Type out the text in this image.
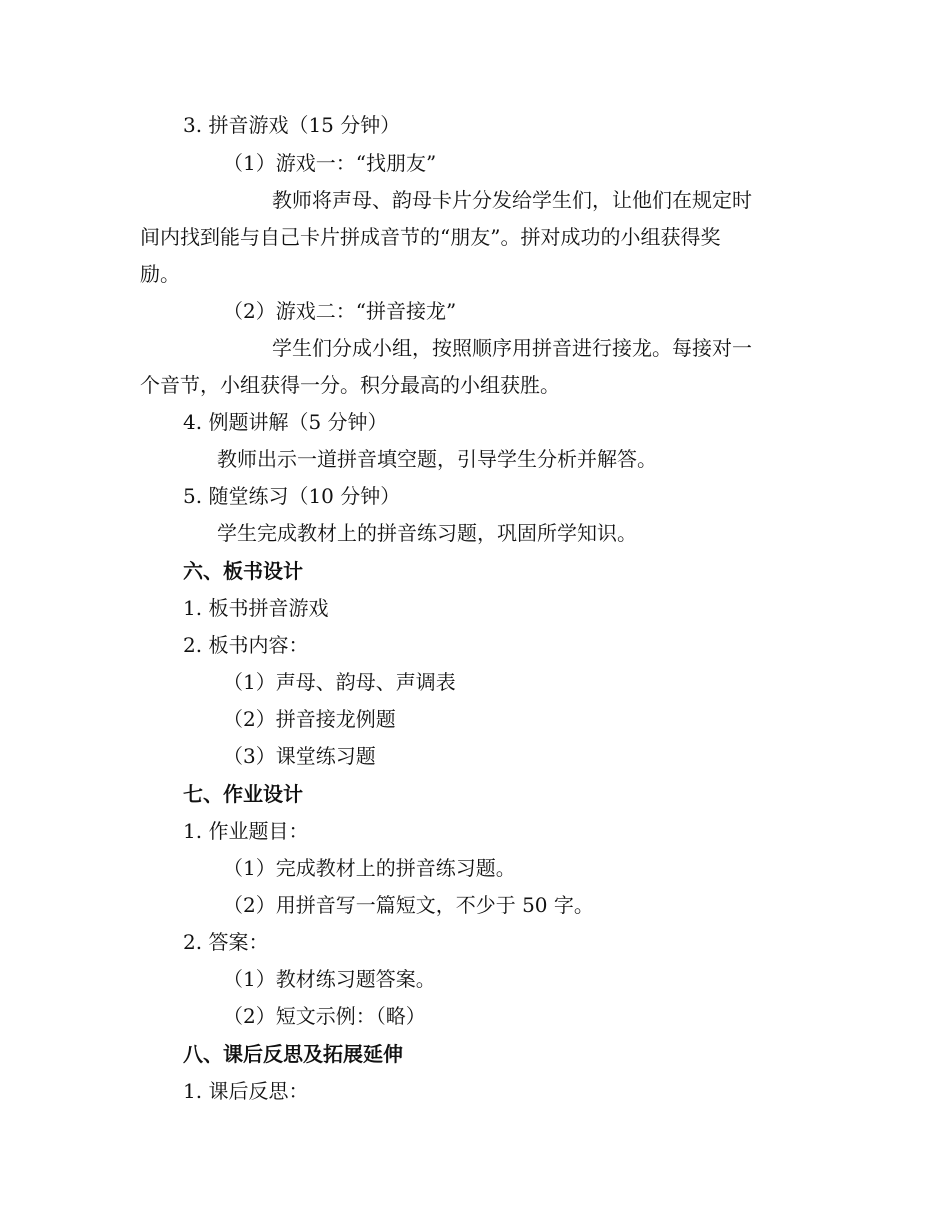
3. 拼音游戏（15 分钟）
（1）游戏一：“找朋友”
教师将声母、韵母卡片分发给学生们，让他们在规定时
间内找到能与自己卡片拼成音节的“朋友”。拼对成功的小组获得奖
励。
（2）游戏二：“拼音接龙”
学生们分成小组，按照顺序用拼音进行接龙。每接对一
个音节，小组获得一分。积分最高的小组获胜。
4. 例题讲解（5 分钟）
教师出示一道拼音填空题，引导学生分析并解答。
5. 随堂练习（10 分钟）
学生完成教材上的拼音练习题，巩固所学知识。
六、板书设计
1. 板书拼音游戏
2. 板书内容：
（1）声母、韵母、声调表
（2）拼音接龙例题
（3）课堂练习题
七、作业设计
1. 作业题目：
（1）完成教材上的拼音练习题。
（2）用拼音写一篇短文，不少于 50 字。
2. 答案：
（1）教材练习题答案。
（2）短文示例：（略）
八、课后反思及拓展延伸
1. 课后反思：
